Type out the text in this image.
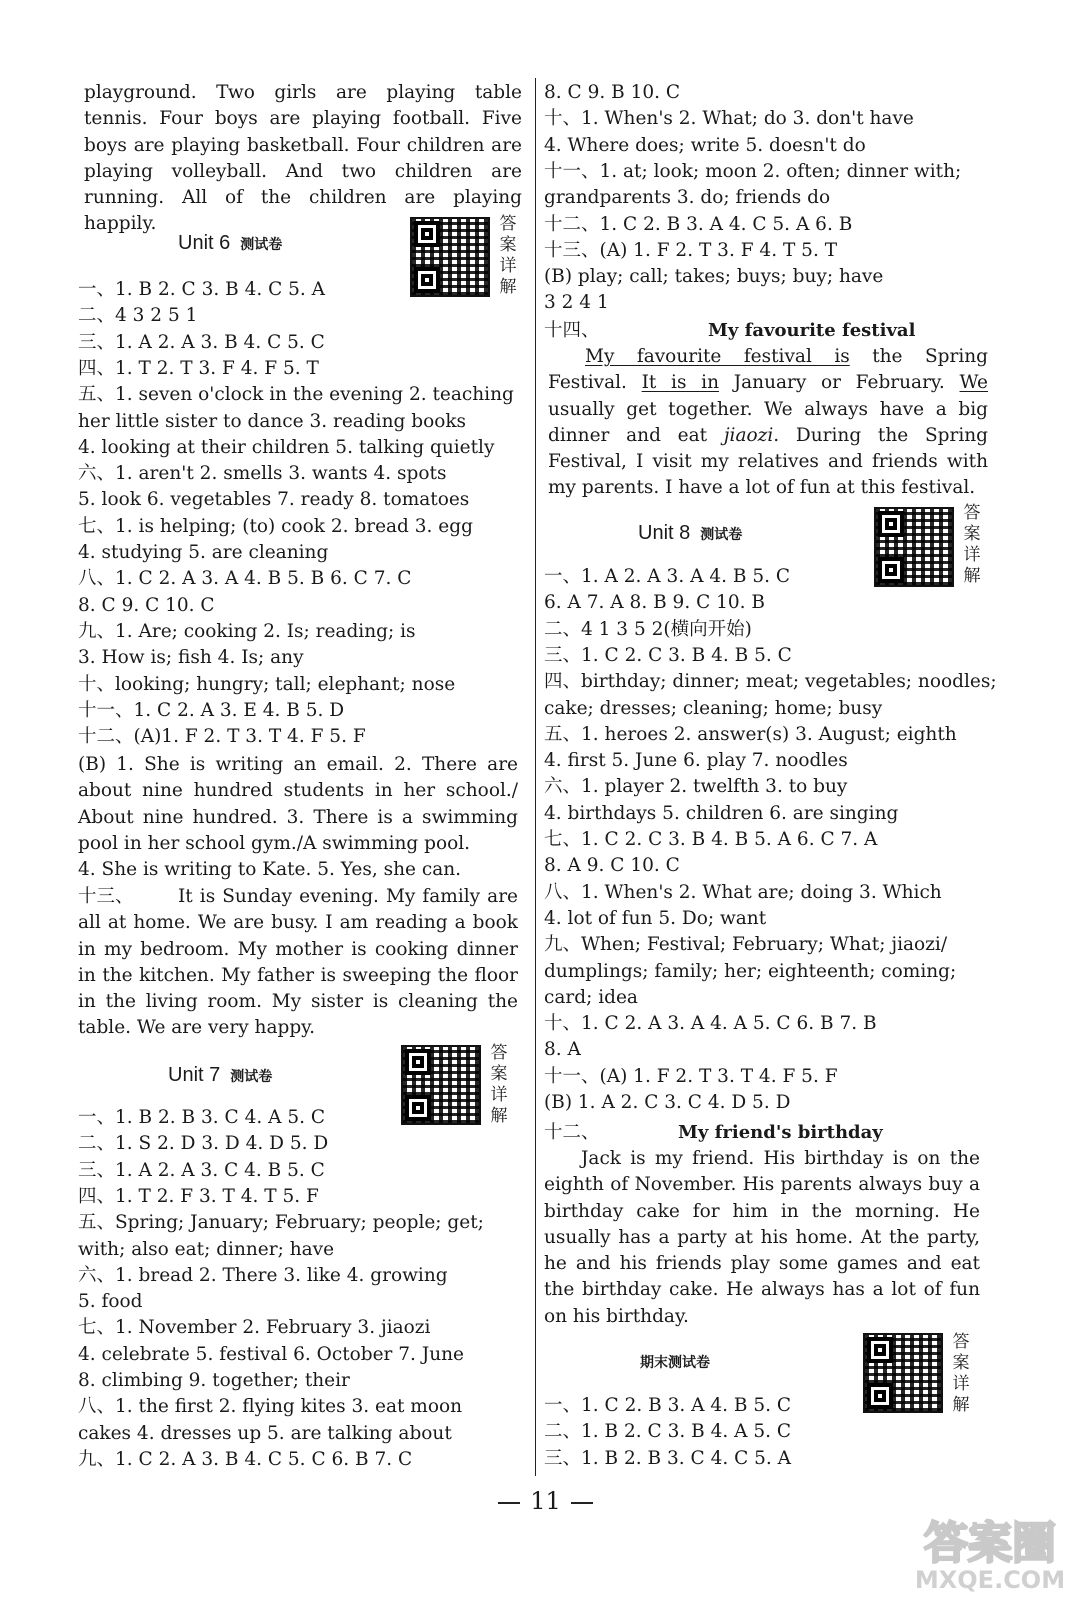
playground. Two girls are playing table tennis. Four boys are playing football. Five boys are playing basketball. Four children are playing volleyball. And two children are running. All of the children are playing happily.
Unit 6 测试卷
答案详解
一、1. B 2. C 3. B 4. C 5. A
二、4 3 2 5 1
三、1. A 2. A 3. B 4. C 5. C
四、1. T 2. T 3. F 4. F 5. T
五、1. seven o'clock in the evening 2. teaching
her little sister to dance 3. reading books
4. looking at their children 5. talking quietly
六、1. aren't 2. smells 3. wants 4. spots
5. look 6. vegetables 7. ready 8. tomatoes
七、1. is helping; (to) cook 2. bread 3. egg
4. studying 5. are cleaning
八、1. C 2. A 3. A 4. B 5. B 6. C 7. C
8. C 9. C 10. C
九、1. Are; cooking 2. Is; reading; is
3. How is; fish 4. Is; any
十、looking; hungry; tall; elephant; nose
十一、1. C 2. A 3. E 4. B 5. D
十二、(A)1. F 2. T 3. T 4. F 5. F
(B) 1. She is writing an email. 2. There are about nine hundred students in her school./ About nine hundred. 3. There is a swimming pool in her school gym./A swimming pool.
4. She is writing to Kate. 5. Yes, she can.
十三、	It is Sunday evening. My family are all at home. We are busy. I am reading a book in my bedroom. My mother is cooking dinner in the kitchen. My father is sweeping the floor in the living room. My sister is cleaning the table. We are very happy.
Unit 7 测试卷
答案详解
一、1. B 2. B 3. C 4. A 5. C
二、1. S 2. D 3. D 4. D 5. D
三、1. A 2. A 3. C 4. B 5. C
四、1. T 2. F 3. T 4. T 5. F
五、Spring; January; February; people; get;
with; also eat; dinner; have
六、1. bread 2. There 3. like 4. growing
5. food
七、1. November 2. February 3. jiaozi
4. celebrate 5. festival 6. October 7. June
8. climbing 9. together; their
八、1. the first 2. flying kites 3. eat moon
cakes 4. dresses up 5. are talking about
九、1. C 2. A 3. B 4. C 5. C 6. B 7. C
8. C 9. B 10. C
十、1. When's 2. What; do 3. don't have
4. Where does; write 5. doesn't do
十一、1. at; look; moon 2. often; dinner with;
grandparents 3. do; friends do
十二、1. C 2. B 3. A 4. C 5. A 6. B
十三、(A) 1. F 2. T 3. F 4. T 5. T
(B) play; call; takes; buys; buy; have
3 2 4 1
十四、	My favourite festival
My favourite festival is the Spring Festival. It is in January or February. We usually get together. We always have a big dinner and eat jiaozi. During the Spring Festival, I visit my relatives and friends with my parents. I have a lot of fun at this festival.
Unit 8 测试卷
答案详解
一、1. A 2. A 3. A 4. B 5. C
6. A 7. A 8. B 9. C 10. B
二、4 1 3 5 2(横向开始)
三、1. C 2. C 3. B 4. B 5. C
四、birthday; dinner; meat; vegetables; noodles;
cake; dresses; cleaning; home; busy
五、1. heroes 2. answer(s) 3. August; eighth
4. first 5. June 6. play 7. noodles
六、1. player 2. twelfth 3. to buy
4. birthdays 5. children 6. are singing
七、1. C 2. C 3. B 4. B 5. A 6. C 7. A
8. A 9. C 10. C
八、1. When's 2. What are; doing 3. Which
4. lot of fun 5. Do; want
九、When; Festival; February; What; jiaozi/
dumplings; family; her; eighteenth; coming;
card; idea
十、1. C 2. A 3. A 4. A 5. C 6. B 7. B
8. A
十一、(A) 1. F 2. T 3. T 4. F 5. F
(B) 1. A 2. C 3. C 4. D 5. D
十二、	My friend's birthday
Jack is my friend. His birthday is on the eighth of November. His parents always buy a birthday cake for him in the morning. He usually has a party at his home. At the party, he and his friends play some games and eat the birthday cake. He always has a lot of fun on his birthday.
期末测试卷
答案详解
一、1. C 2. B 3. A 4. B 5. C
二、1. B 2. C 3. B 4. A 5. C
三、1. B 2. B 3. C 4. C 5. A
11
答案圈
MXQE.COM
